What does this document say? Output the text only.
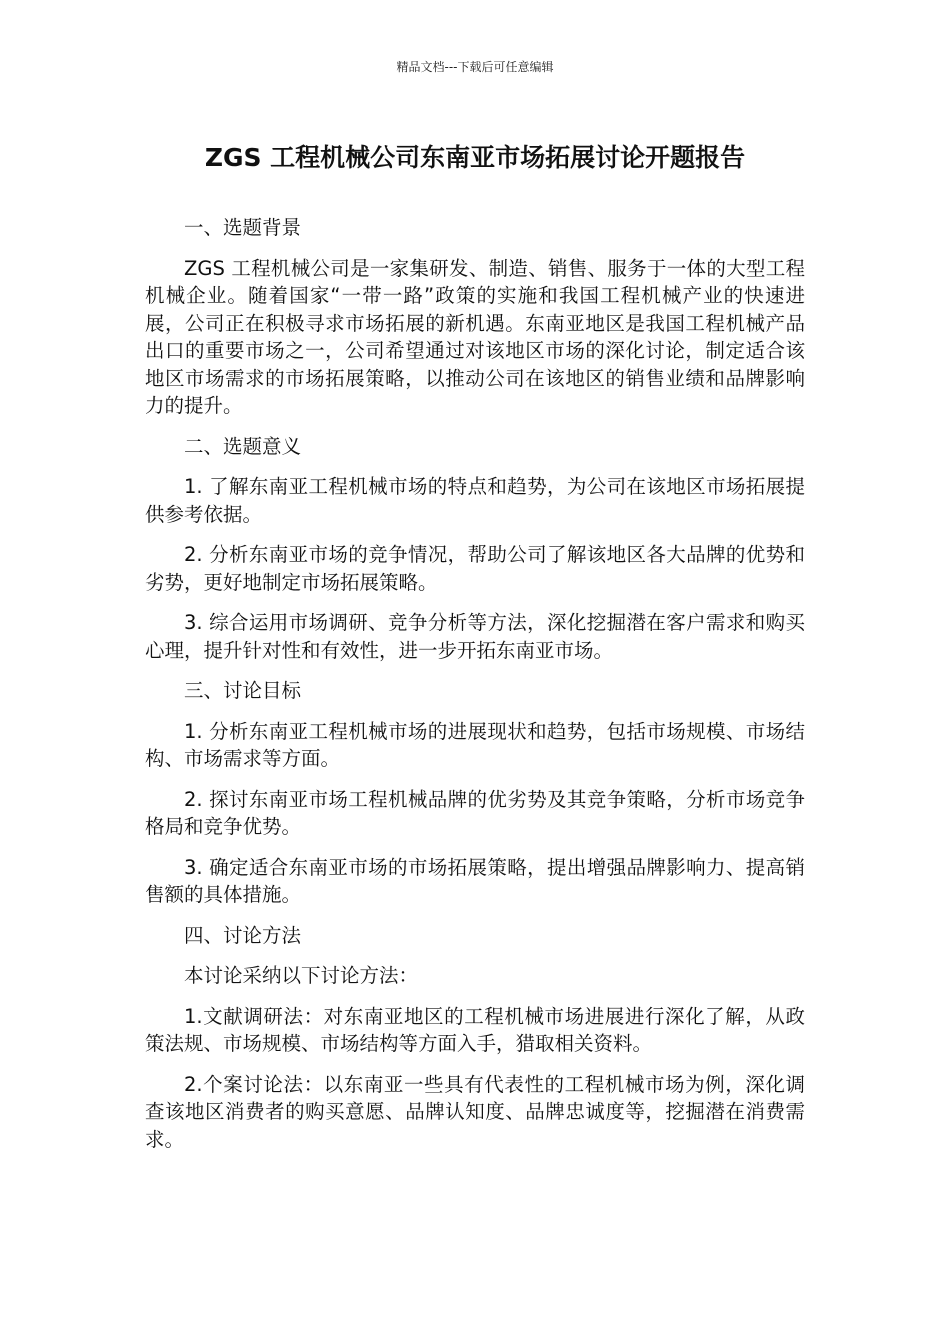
精品文档---下载后可任意编辑
ZGS 工程机械公司东南亚市场拓展讨论开题报告

一、选题背景

ZGS 工程机械公司是一家集研发、制造、销售、服务于一体的大型工程机械企业。随着国家“一带一路”政策的实施和我国工程机械产业的快速进展，公司正在积极寻求市场拓展的新机遇。东南亚地区是我国工程机械产品出口的重要市场之一，公司希望通过对该地区市场的深化讨论，制定适合该地区市场需求的市场拓展策略，以推动公司在该地区的销售业绩和品牌影响力的提升。

二、选题意义

1. 了解东南亚工程机械市场的特点和趋势，为公司在该地区市场拓展提供参考依据。

2. 分析东南亚市场的竞争情况，帮助公司了解该地区各大品牌的优势和劣势，更好地制定市场拓展策略。

3. 综合运用市场调研、竞争分析等方法，深化挖掘潜在客户需求和购买心理，提升针对性和有效性，进一步开拓东南亚市场。

三、讨论目标

1. 分析东南亚工程机械市场的进展现状和趋势，包括市场规模、市场结构、市场需求等方面。

2. 探讨东南亚市场工程机械品牌的优劣势及其竞争策略，分析市场竞争格局和竞争优势。

3. 确定适合东南亚市场的市场拓展策略，提出增强品牌影响力、提高销售额的具体措施。

四、讨论方法

本讨论采纳以下讨论方法：

1.文献调研法：对东南亚地区的工程机械市场进展进行深化了解，从政策法规、市场规模、市场结构等方面入手，猎取相关资料。

2.个案讨论法：以东南亚一些具有代表性的工程机械市场为例，深化调查该地区消费者的购买意愿、品牌认知度、品牌忠诚度等，挖掘潜在消费需求。
